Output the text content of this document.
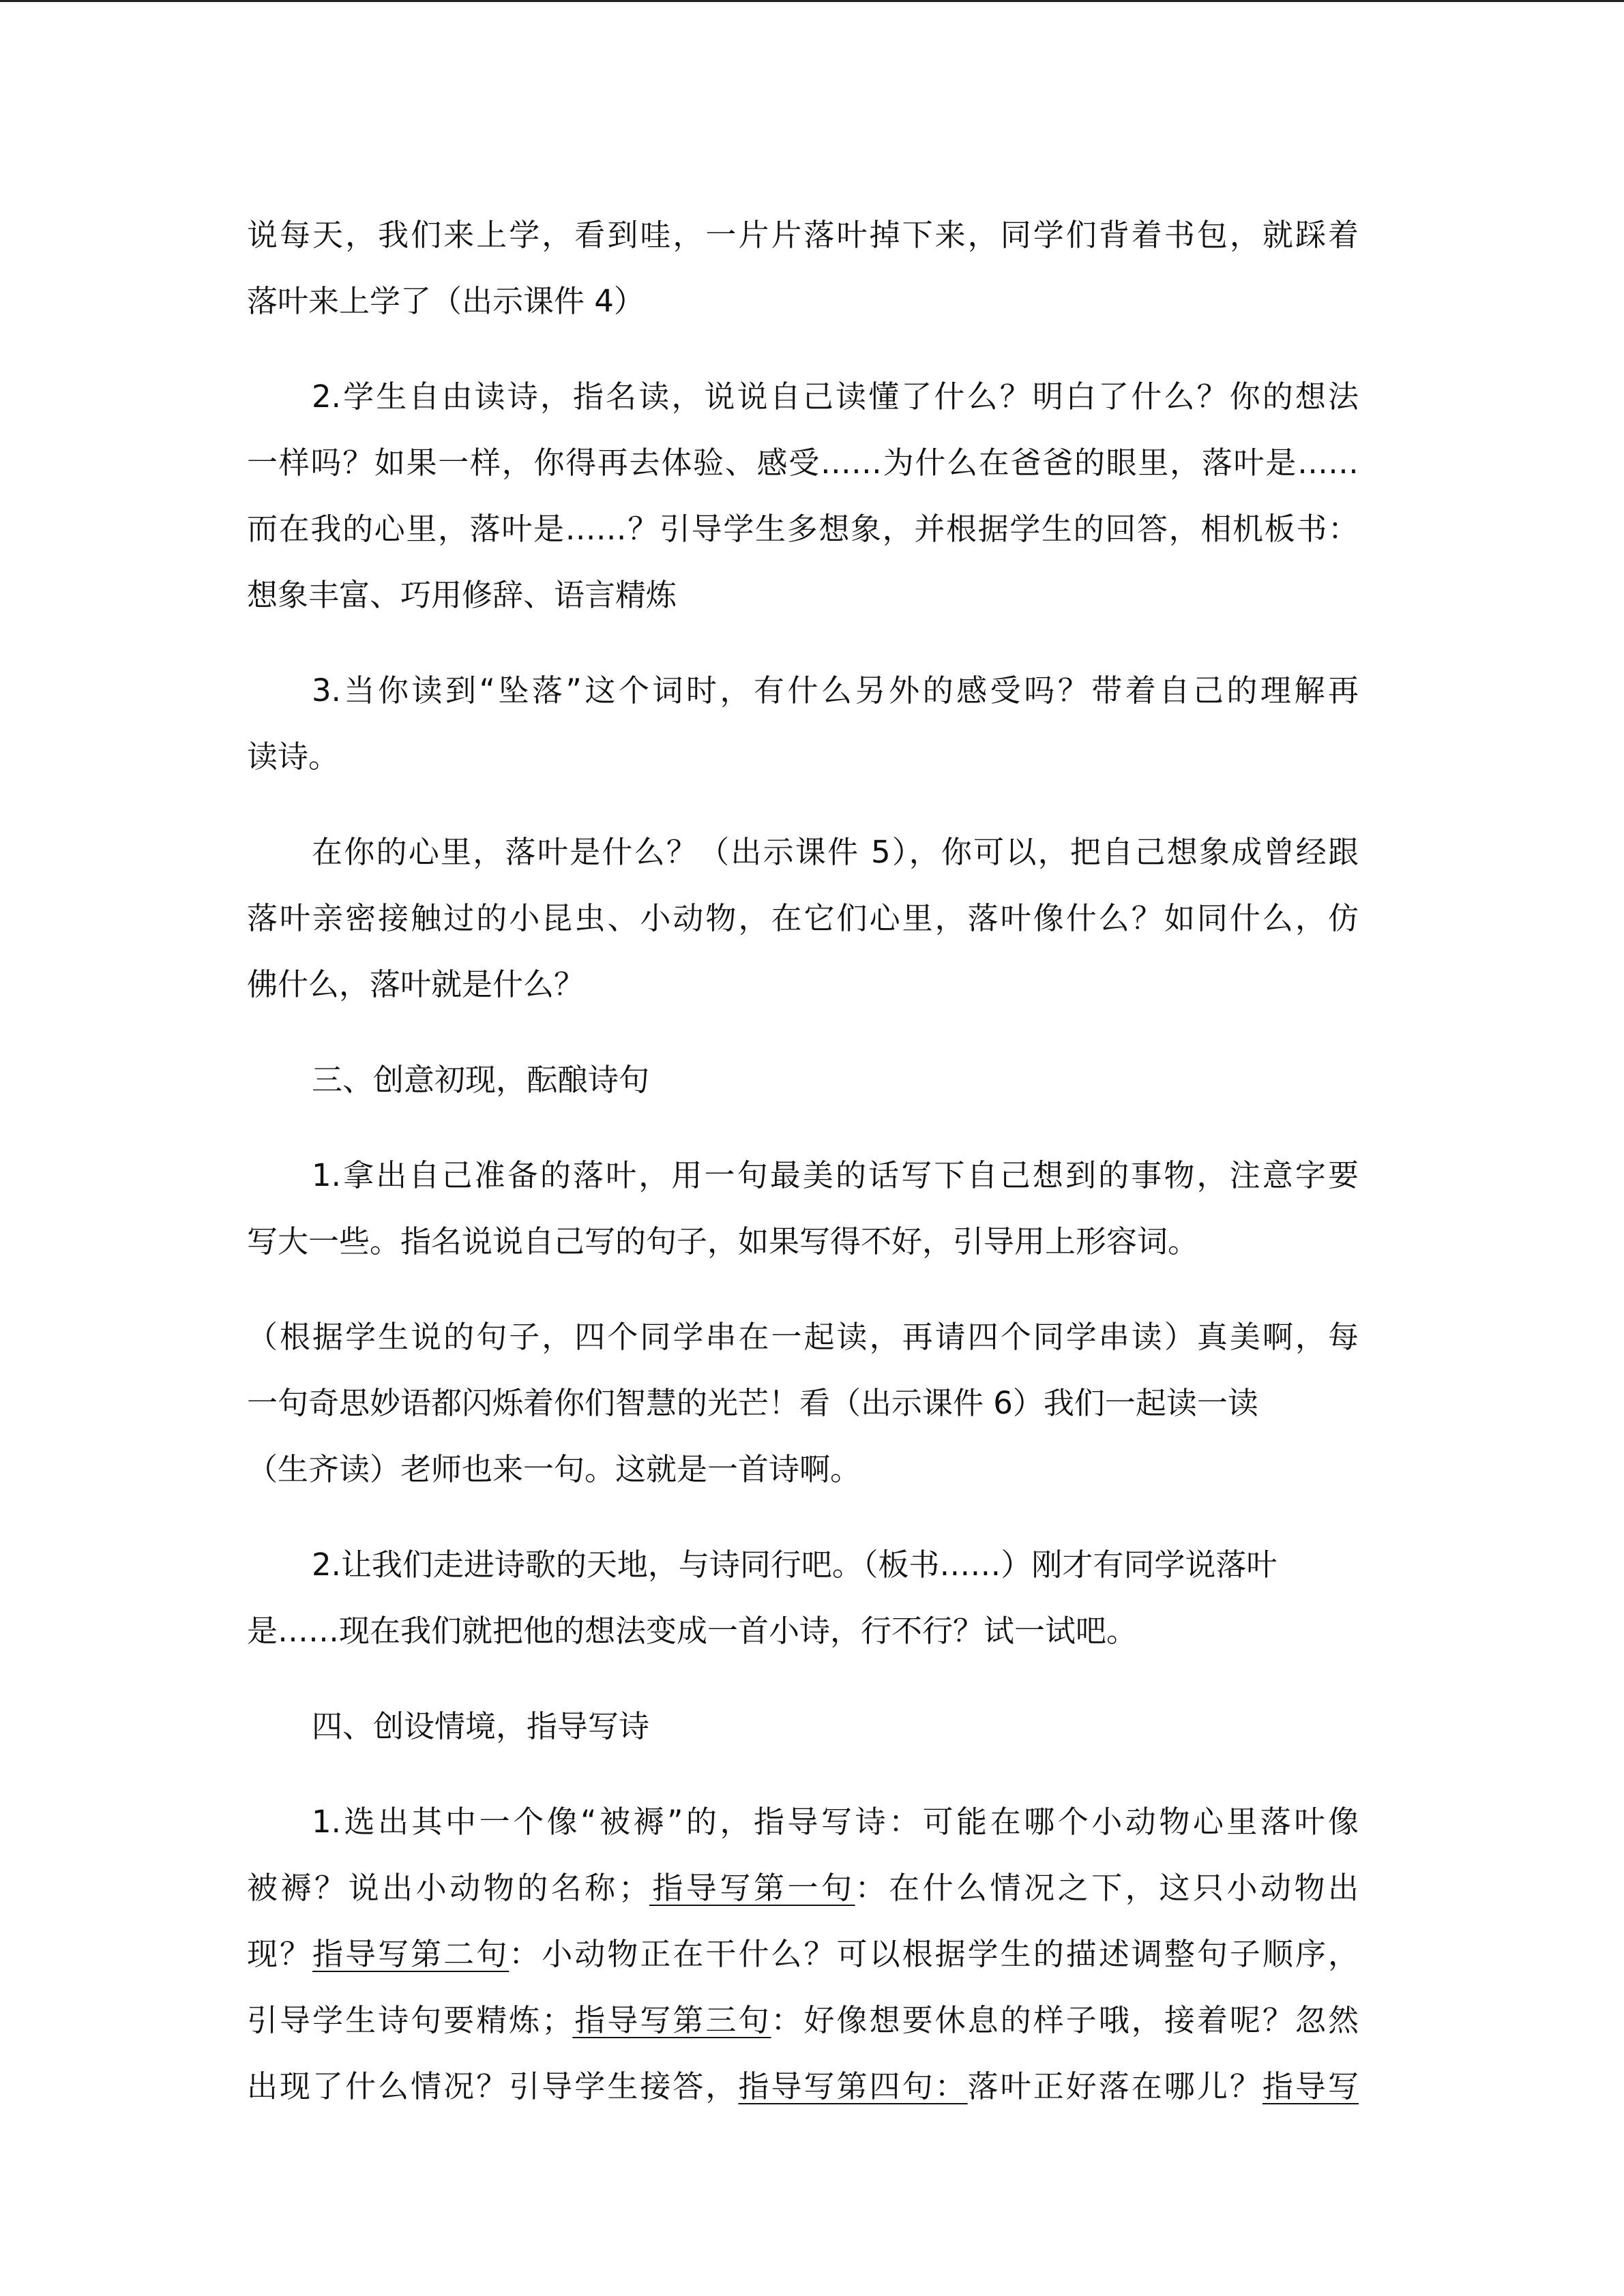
说每天，我们来上学，看到哇，一片片落叶掉下来，同学们背着书包，就踩着
落叶来上学了（出示课件 4）
2.学生自由读诗，指名读，说说自己读懂了什么？明白了什么？你的想法
一样吗？如果一样，你得再去体验、感受……为什么在爸爸的眼里，落叶是……
而在我的心里，落叶是……？引导学生多想象，并根据学生的回答，相机板书：
想象丰富、巧用修辞、语言精炼
3.当你读到“坠落”这个词时，有什么另外的感受吗？带着自己的理解再
读诗。
在你的心里，落叶是什么？（出示课件 5），你可以，把自己想象成曾经跟
落叶亲密接触过的小昆虫、小动物，在它们心里，落叶像什么？如同什么，仿
佛什么，落叶就是什么？
三、创意初现，酝酿诗句
1.拿出自己准备的落叶，用一句最美的话写下自己想到的事物，注意字要
写大一些。指名说说自己写的句子，如果写得不好，引导用上形容词。
（根据学生说的句子，四个同学串在一起读，再请四个同学串读）真美啊，每
一句奇思妙语都闪烁着你们智慧的光芒！看（出示课件 6）我们一起读一读
（生齐读）老师也来一句。这就是一首诗啊。
2.让我们走进诗歌的天地，与诗同行吧。（板书……）刚才有同学说落叶
是……现在我们就把他的想法变成一首小诗，行不行？试一试吧。
四、创设情境，指导写诗
1.选出其中一个像“被褥”的，指导写诗：可能在哪个小动物心里落叶像
被褥？说出小动物的名称；指导写第一句：在什么情况之下，这只小动物出
现？指导写第二句：小动物正在干什么？可以根据学生的描述调整句子顺序，
引导学生诗句要精炼；指导写第三句：好像想要休息的样子哦，接着呢？忽然
出现了什么情况？引导学生接答，指导写第四句：落叶正好落在哪儿？指导写
